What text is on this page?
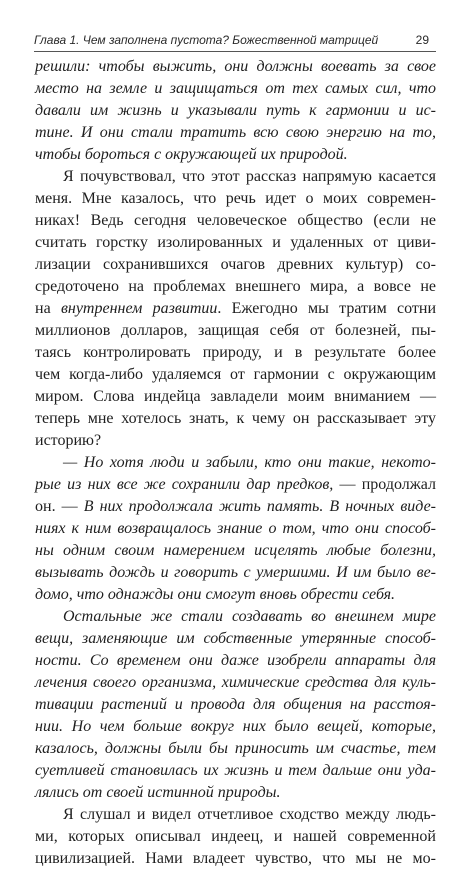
Глава 1. Чем заполнена пустота? Божественной матрицей	29
решили: чтобы выжить, они должны воевать за свое
место на земле и защищаться от тех самых сил, что
давали им жизнь и указывали путь к гармонии и ис-
тине. И они стали тратить всю свою энергию на то,
чтобы бороться с окружающей их природой.
Я почувствовал, что этот рассказ напрямую касается
меня. Мне казалось, что речь идет о моих современ-
никах! Ведь сегодня человеческое общество (если не
считать горстку изолированных и удаленных от циви-
лизации сохранившихся очагов древних культур) со-
средоточено на проблемах внешнего мира, а вовсе не
на внутреннем развитии. Ежегодно мы тратим сотни
миллионов долларов, защищая себя от болезней, пы-
таясь контролировать природу, и в результате более
чем когда-либо удаляемся от гармонии с окружающим
миром. Слова индейца завладели моим вниманием —
теперь мне хотелось знать, к чему он рассказывает эту
историю?
— Но хотя люди и забыли, кто они такие, некото-
рые из них все же сохранили дар предков, — продолжал
он. — В них продолжала жить память. В ночных виде-
ниях к ним возвращалось знание о том, что они способ-
ны одним своим намерением исцелять любые болезни,
вызывать дождь и говорить с умершими. И им было ве-
домо, что однажды они смогут вновь обрести себя.
Остальные же стали создавать во внешнем мире
вещи, заменяющие им собственные утерянные способ-
ности. Со временем они даже изобрели аппараты для
лечения своего организма, химические средства для куль-
тивации растений и провода для общения на расстоя-
нии. Но чем больше вокруг них было вещей, которые,
казалось, должны были бы приносить им счастье, тем
суетливей становилась их жизнь и тем дальше они уда-
лялись от своей истинной природы.
Я слушал и видел отчетливое сходство между людь-
ми, которых описывал индеец, и нашей современной
цивилизацией. Нами владеет чувство, что мы не мо-
